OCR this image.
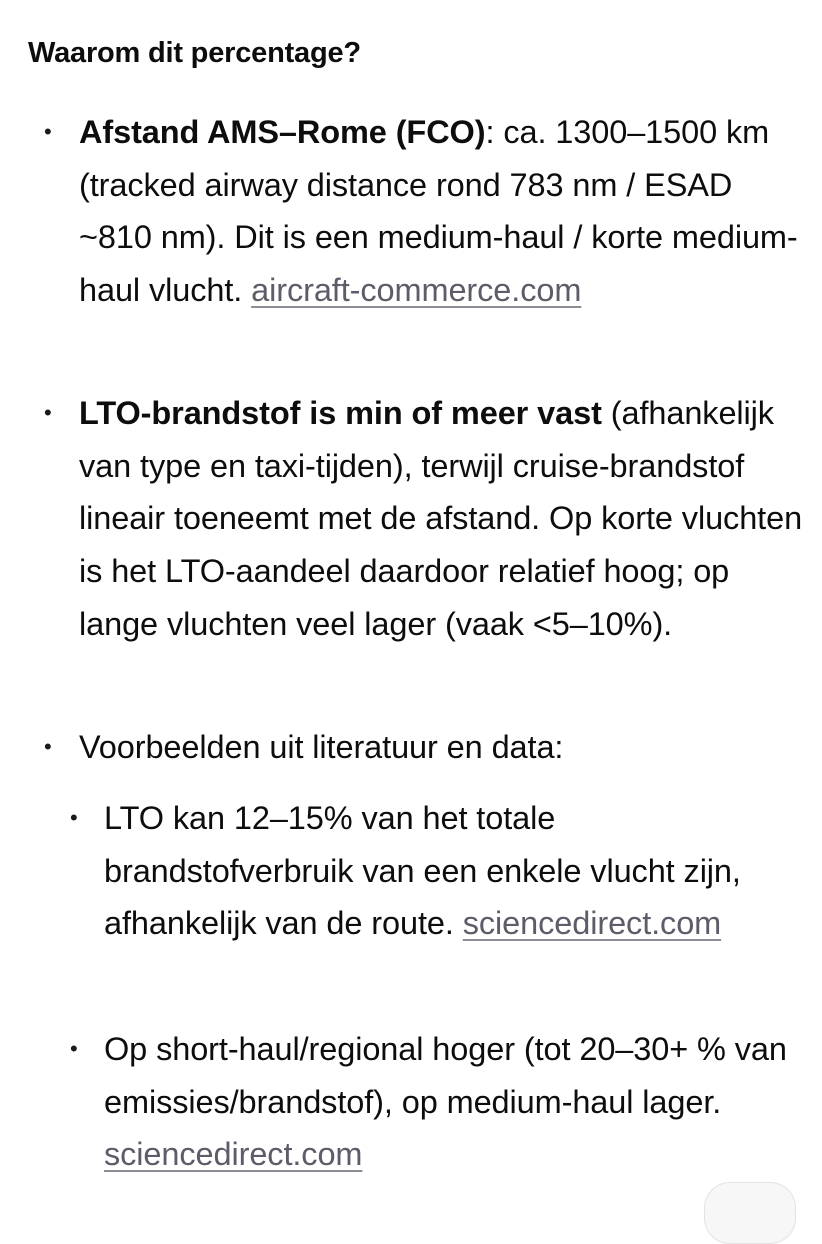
Waarom dit percentage?
• Afstand AMS–Rome (FCO): ca. 1300–1500 km (tracked airway distance rond 783 nm / ESAD ~810 nm). Dit is een medium-haul / korte medium-haul vlucht. aircraft-commerce.com
• LTO-brandstof is min of meer vast (afhankelijk van type en taxi-tijden), terwijl cruise-brandstof lineair toeneemt met de afstand. Op korte vluchten is het LTO-aandeel daardoor relatief hoog; op lange vluchten veel lager (vaak <5–10%).
• Voorbeelden uit literatuur en data:
• LTO kan 12–15% van het totale brandstofverbruik van een enkele vlucht zijn, afhankelijk van de route. sciencedirect.com
• Op short-haul/regional hoger (tot 20–30+ % van emissies/brandstof), op medium-haul lager. sciencedirect.com
